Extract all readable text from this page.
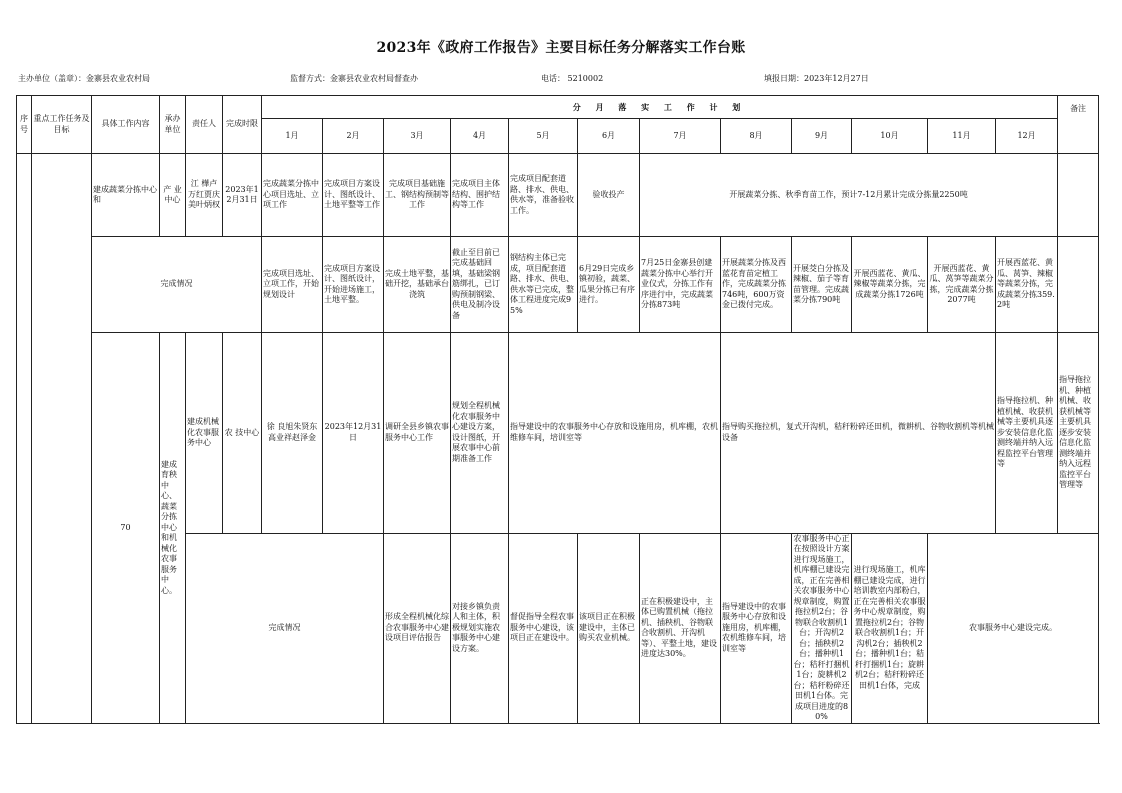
2023年《政府工作报告》主要目标任务分解落实工作台账
主办单位（盖章）：金寨县农业农村局	监督方式：金寨县农业农村局督查办	电话： 5210002	填报日期：2023年12月27日
序号	重点工作任务及目标	具体工作内容	承办单位	责任人	完成时限	分 月 落 实 工 作 计 划												备注	
						1月	2月	3月	4月	5月	6月	7月	8月	9月	10月	11月	12月		
		建成蔬菜分拣中心和	产 业中心	江 樺卢万红贾庆美叶炳权	2023年12月31日	完成蔬菜分拣中心项目选址、立项工作	完成项目方案设计、图纸设计、土地平整等工作	完成项目基础施工、钢结构预制等工作	完成项目主体结构、围护结构等工作	完成项目配套道路、排水、供电、供水等，准备验收工作。	验收投产	开展蔬菜分拣、秋季育苗工作，预计7-12月累计完成分拣量2250吨							
		完成情况				完成项目选址、立项工作，开始规划设计	完成项目方案设计、图纸设计，开始进场施工，土地平整。	完成土地平整，基础开挖，基础承台浇筑	截止至目前已完成基础回填，基础梁钢筋绑扎，已订购预制钢梁、供电及制冷设备	钢结构主体已完成，项目配套道路、排水、供电、供水等已完成，整体工程进度完成95%	6月29日完成乡镇初验，蔬菜、瓜果分拣已有序进行。	7月25日金寨县创建蔬菜分拣中心举行开业仪式，分拣工作有序进行中，完成蔬菜分拣873吨	开展蔬菜分拣及西蓝花育苗定植工作，完成蔬菜分拣746吨，600万资金已拨付完成。	开展茭白分拣及辣椒、茄子等育苗管理。完成蔬菜分拣790吨	开展西蓝花、黄瓜、辣椒等蔬菜分拣，完成蔬菜分拣1726吨	开展西蓝花、黄瓜、莴笋等蔬菜分拣，完成蔬菜分拣2077吨	开展西蓝花、黄瓜、莴笋、辣椒等蔬菜分拣，完成蔬菜分拣359.2吨		
		70	建成育秧中心、蔬菜分拣中心和机械化农事服务中心。	建成机械化农事服务中心	农 技中心	徐 良旭朱贤东高业祥赵泽金	2023年12月31日	调研全县乡镇农事服务中心工作	规划全程机械化农事服务中心建设方案，设计图纸，开展农事中心前期准备工作	指导建设中的农事服务中心存放和设施用房，机库棚，农机维修车间，培训室等			指导购买拖拉机，复式开沟机，秸秆粉碎还田机，微耕机、谷物收割机等机械设备				指导拖拉机、种植机械、收获机械等主要机具逐步安装信息化监测终端并纳入远程监控平台管理等	指导拖拉机、种植机械、收获机械等主要机具逐步安装信息化监测终端并纳入远程监控平台管理等		
				完成情况				形成全程机械化综合农事服务中心建设项目评估报告	对接乡镇负责人和主体，积极规划实施农事服务中心建设方案。	督促指导全程农事服务中心建设，该项目正在建设中。	该项目正在积极建设中，主体已购买农业机械。	正在积极建设中，主体已购置机械（拖拉机、插秧机、谷物联合收割机、开沟机等）、平整土地，建设进度达30%。	指导建设中的农事服务中心存放和设施用房，机库棚，农机维修车间，培训室等	农事服务中心正在按照设计方案进行现场施工，机库棚已建设完成，正在完善相关农事服务中心规章制度，购置拖拉机2台；谷物联合收割机1台；开沟机2台；插秧机2台；播种机1台；秸秆打捆机1台；旋耕机2台；秸秆粉碎还田机1台体。完成项目进度的80%	进行现场施工，机库棚已建设完成，进行培训教室内部粉白，正在完善相关农事服务中心规章制度，购置拖拉机2台；谷物联合收割机1台；开沟机2台；插秧机2台；播种机1台；秸秆打捆机1台；旋耕机2台；秸秆粉碎还田机1台体，完成	农事服务中心建设完成。			
